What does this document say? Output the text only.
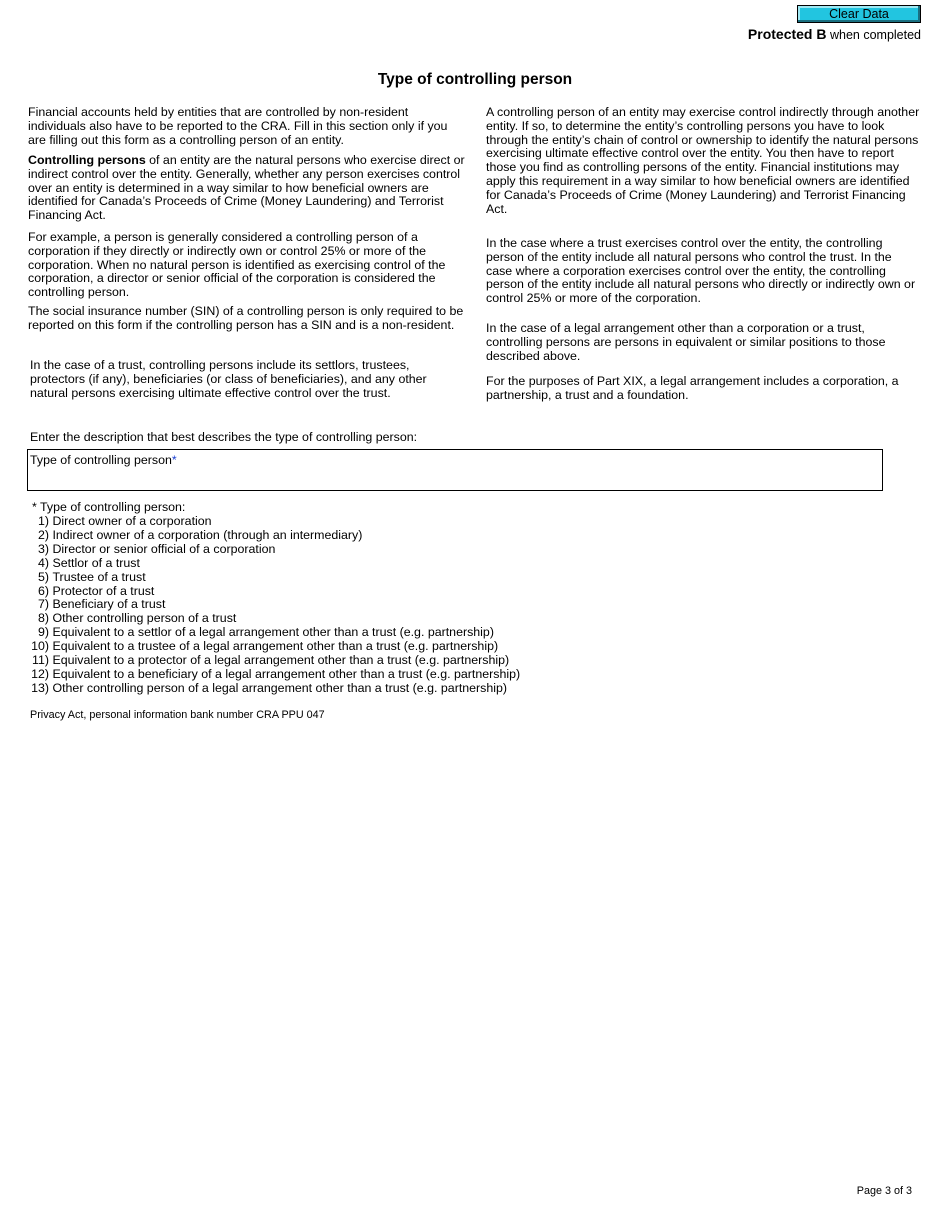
Clear Data
Protected B when completed
Type of controlling person

Financial accounts held by entities that are controlled by non-resident individuals also have to be reported to the CRA. Fill in this section only if you are filling out this form as a controlling person of an entity.

Controlling persons of an entity are the natural persons who exercise direct or indirect control over the entity. Generally, whether any person exercises control over an entity is determined in a way similar to how beneficial owners are identified for Canada’s Proceeds of Crime (Money Laundering) and Terrorist Financing Act.

For example, a person is generally considered a controlling person of a corporation if they directly or indirectly own or control 25% or more of the corporation. When no natural person is identified as exercising control of the corporation, a director or senior official of the corporation is considered the controlling person.

The social insurance number (SIN) of a controlling person is only required to be reported on this form if the controlling person has a SIN and is a non-resident.

In the case of a trust, controlling persons include its settlors, trustees, protectors (if any), beneficiaries (or class of beneficiaries), and any other natural persons exercising ultimate effective control over the trust.

A controlling person of an entity may exercise control indirectly through another entity. If so, to determine the entity’s controlling persons you have to look through the entity’s chain of control or ownership to identify the natural persons exercising ultimate effective control over the entity. You then have to report those you find as controlling persons of the entity. Financial institutions may apply this requirement in a way similar to how beneficial owners are identified for Canada’s Proceeds of Crime (Money Laundering) and Terrorist Financing Act.

In the case where a trust exercises control over the entity, the controlling person of the entity include all natural persons who control the trust. In the case where a corporation exercises control over the entity, the controlling person of the entity include all natural persons who directly or indirectly own or control 25% or more of the corporation.

In the case of a legal arrangement other than a corporation or a trust, controlling persons are persons in equivalent or similar positions to those described above.

For the purposes of Part XIX, a legal arrangement includes a corporation, a partnership, a trust and a foundation.

Enter the description that best describes the type of controlling person:
Type of controlling person*
* Type of controlling person:
1)
Direct owner of a corporation
2)
Indirect owner of a corporation (through an intermediary)
3)
Director or senior official of a corporation
4)
Settlor of a trust
5)
Trustee of a trust
6)
Protector of a trust
7)
Beneficiary of a trust
8)
Other controlling person of a trust
9)
Equivalent to a settlor of a legal arrangement other than a trust (e.g. partnership)
10)
Equivalent to a trustee of a legal arrangement other than a trust (e.g. partnership)
11)
Equivalent to a protector of a legal arrangement other than a trust (e.g. partnership)
12)
Equivalent to a beneficiary of a legal arrangement other than a trust (e.g. partnership)
13)
Other controlling person of a legal arrangement other than a trust (e.g. partnership)
Privacy Act, personal information bank number CRA PPU 047
Page 3 of 3
